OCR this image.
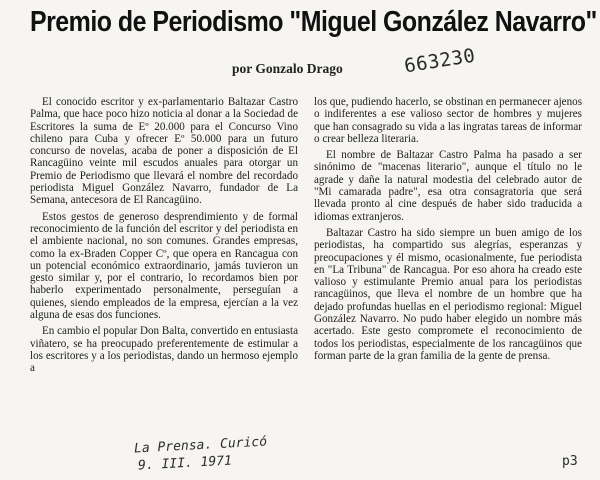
Premio de Periodismo "Miguel González Navarro"
por Gonzalo Drago	663230

El conocido escritor y ex-parlamentario Baltazar Castro Palma, que hace poco hizo noticia al donar a la Sociedad de Escritores la suma de Eº 20.000 para el Concurso Vino chileno para Cuba y ofrecer Eº 50.000 para un futuro concurso de novelas, acaba de poner a disposición de El Rancagüino veinte mil escudos anuales para otorgar un Premio de Periodismo que llevará el nombre del recordado periodista Miguel González Navarro, fundador de La Semana, antecesora de El Rancagüino.

Estos gestos de generoso desprendimiento y de formal reconocimiento de la función del escritor y del periodista en el ambiente nacional, no son comunes. Grandes empresas, como la ex-Braden Copper Cº, que opera en Rancagua con un potencial económico extraordinario, jamás tuvieron un gesto similar y, por el contrario, lo recordamos bien por haberlo experimentado personalmente, perseguían a quienes, siendo empleados de la empresa, ejercían a la vez alguna de esas dos funciones.

En cambio el popular Don Balta, convertido en entusiasta viñatero, se ha preocupado preferentemente de estimular a los escritores y a los periodistas, dando un hermoso ejemplo a

los que, pudiendo hacerlo, se obstinan en permanecer ajenos o indiferentes a ese valioso sector de hombres y mujeres que han consagrado su vida a las ingratas tareas de informar o crear belleza literaria.

El nombre de Baltazar Castro Palma ha pasado a ser sinónimo de "macenas literario", aunque el título no le agrade y dañe la natural modestia del celebrado autor de "Mi camarada padre", esa otra consagratoria que será llevada pronto al cine después de haber sido traducida a idiomas extranjeros.

Baltazar Castro ha sido siempre un buen amigo de los periodistas, ha compartido sus alegrías, esperanzas y preocupaciones y él mismo, ocasionalmente, fue periodista en "La Tribuna" de Rancagua. Por eso ahora ha creado este valioso y estimulante Premio anual para los periodistas rancagüinos, que lleva el nombre de un hombre que ha dejado profundas huellas en el periodismo regional: Miguel González Navarro. No pudo haber elegido un nombre más acertado. Este gesto compromete el reconocimiento de todos los periodistas, especialmente de los rancagüinos que forman parte de la gran familia de la gente de prensa.

La Prensa. Curicó
9. III. 1971	p3
